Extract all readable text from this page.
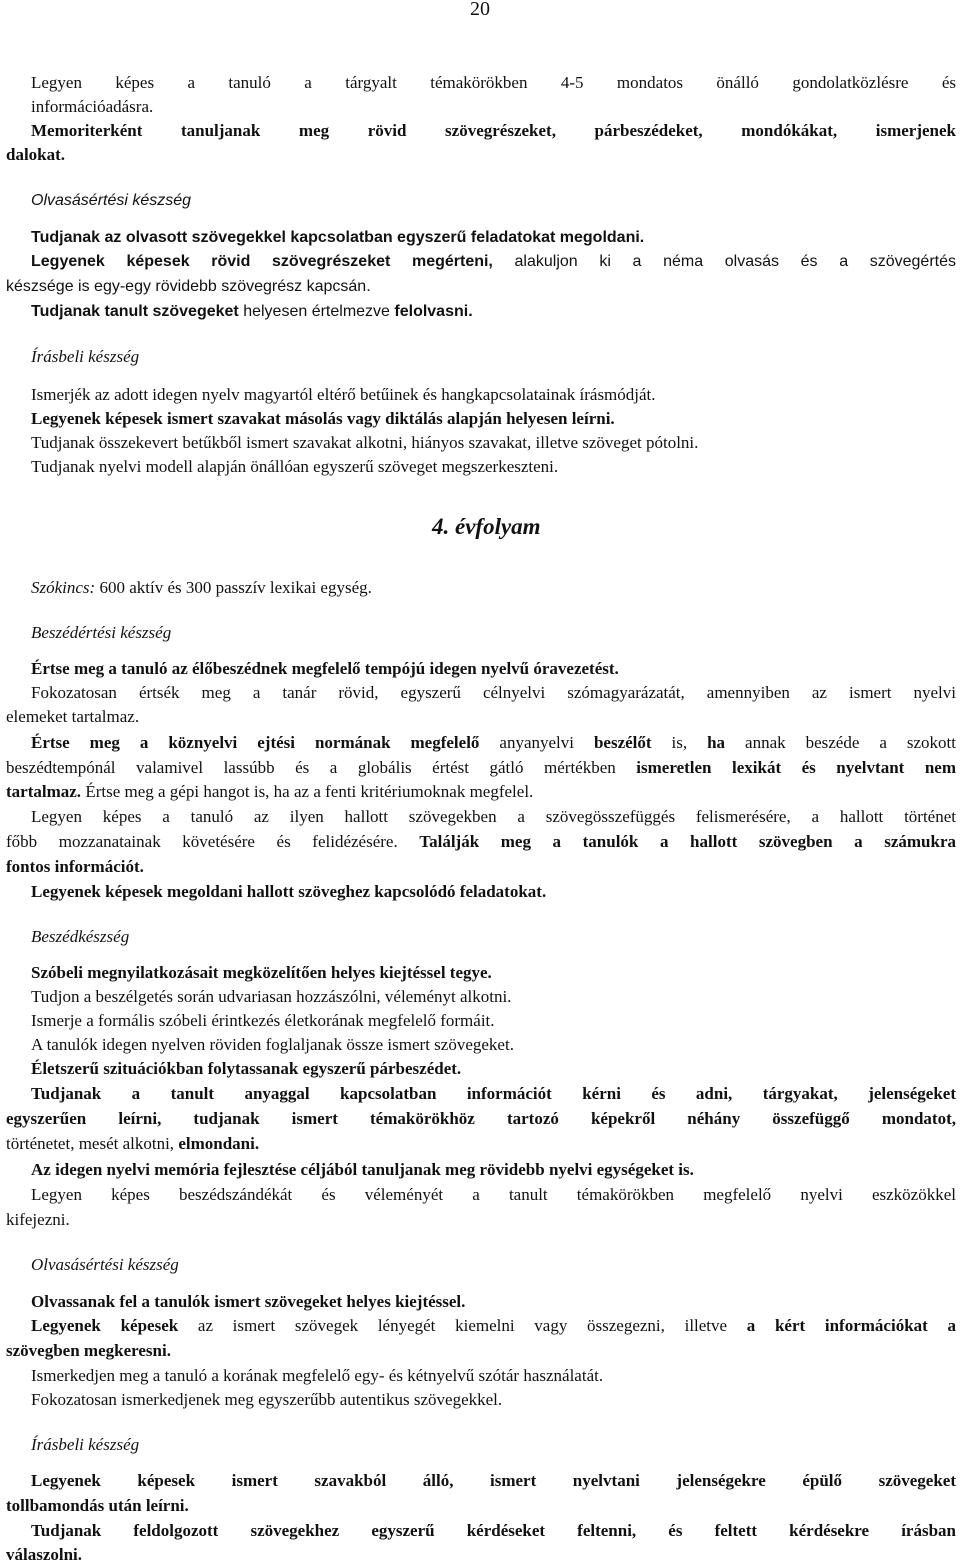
20
Legyen képes a tanuló a tárgyalt témakörökben 4-5 mondatos önálló gondolatközlésre és
információadásra.
Memoriterként tanuljanak meg rövid szövegrészeket, párbeszédeket, mondókákat, ismerjenek
dalokat.
Olvasásértési készség
Tudjanak az olvasott szövegekkel kapcsolatban egyszerű feladatokat megoldani.
Legyenek képesek rövid szövegrészeket megérteni, alakuljon ki a néma olvasás és a szövegértés
készsége is egy-egy rövidebb szövegrész kapcsán.
Tudjanak tanult szövegeket helyesen értelmezve felolvasni.
Írásbeli készség
Ismerjék az adott idegen nyelv magyartól eltérő betűinek és hangkapcsolatainak írásmódját.
Legyenek képesek ismert szavakat másolás vagy diktálás alapján helyesen leírni.
Tudjanak összekevert betűkből ismert szavakat alkotni, hiányos szavakat, illetve szöveget pótolni.
Tudjanak nyelvi modell alapján önállóan egyszerű szöveget megszerkeszteni.
4. évfolyam
Szókincs: 600 aktív és 300 passzív lexikai egység.
Beszédértési készség
Értse meg a tanuló az élőbeszédnek megfelelő tempójú idegen nyelvű óravezetést.
Fokozatosan értsék meg a tanár rövid, egyszerű célnyelvi szómagyarázatát, amennyiben az ismert nyelvi
elemeket tartalmaz.
Értse meg a köznyelvi ejtési normának megfelelő anyanyelvi beszélőt is, ha annak beszéde a szokott
beszédtempónál valamivel lassúbb és a globális értést gátló mértékben ismeretlen lexikát és nyelvtant nem
tartalmaz. Értse meg a gépi hangot is, ha az a fenti kritériumoknak megfelel.
Legyen képes a tanuló az ilyen hallott szövegekben a szövegösszefüggés felismerésére, a hallott történet
főbb mozzanatainak követésére és felidézésére. Találják meg a tanulók a hallott szövegben a számukra
fontos információt.
Legyenek képesek megoldani hallott szöveghez kapcsolódó feladatokat.
Beszédkészség
Szóbeli megnyilatkozásait megközelítően helyes kiejtéssel tegye.
Tudjon a beszélgetés során udvariasan hozzászólni, véleményt alkotni.
Ismerje a formális szóbeli érintkezés életkorának megfelelő formáit.
A tanulók idegen nyelven röviden foglaljanak össze ismert szövegeket.
Életszerű szituációkban folytassanak egyszerű párbeszédet.
Tudjanak a tanult anyaggal kapcsolatban információt kérni és adni, tárgyakat, jelenségeket
egyszerűen leírni, tudjanak ismert témakörökhöz tartozó képekről néhány összefüggő mondatot,
történetet, mesét alkotni, elmondani.
Az idegen nyelvi memória fejlesztése céljából tanuljanak meg rövidebb nyelvi egységeket is.
Legyen képes beszédszándékát és véleményét a tanult témakörökben megfelelő nyelvi eszközökkel
kifejezni.
Olvasásértési készség
Olvassanak fel a tanulók ismert szövegeket helyes kiejtéssel.
Legyenek képesek az ismert szövegek lényegét kiemelni vagy összegezni, illetve a kért információkat a
szövegben megkeresni.
Ismerkedjen meg a tanuló a korának megfelelő egy- és kétnyelvű szótár használatát.
Fokozatosan ismerkedjenek meg egyszerűbb autentikus szövegekkel.
Írásbeli készség
Legyenek képesek ismert szavakból álló, ismert nyelvtani jelenségekre épülő szövegeket
tollbamondás után leírni.
Tudjanak feldolgozott szövegekhez egyszerű kérdéseket feltenni, és feltett kérdésekre írásban
válaszolni.
